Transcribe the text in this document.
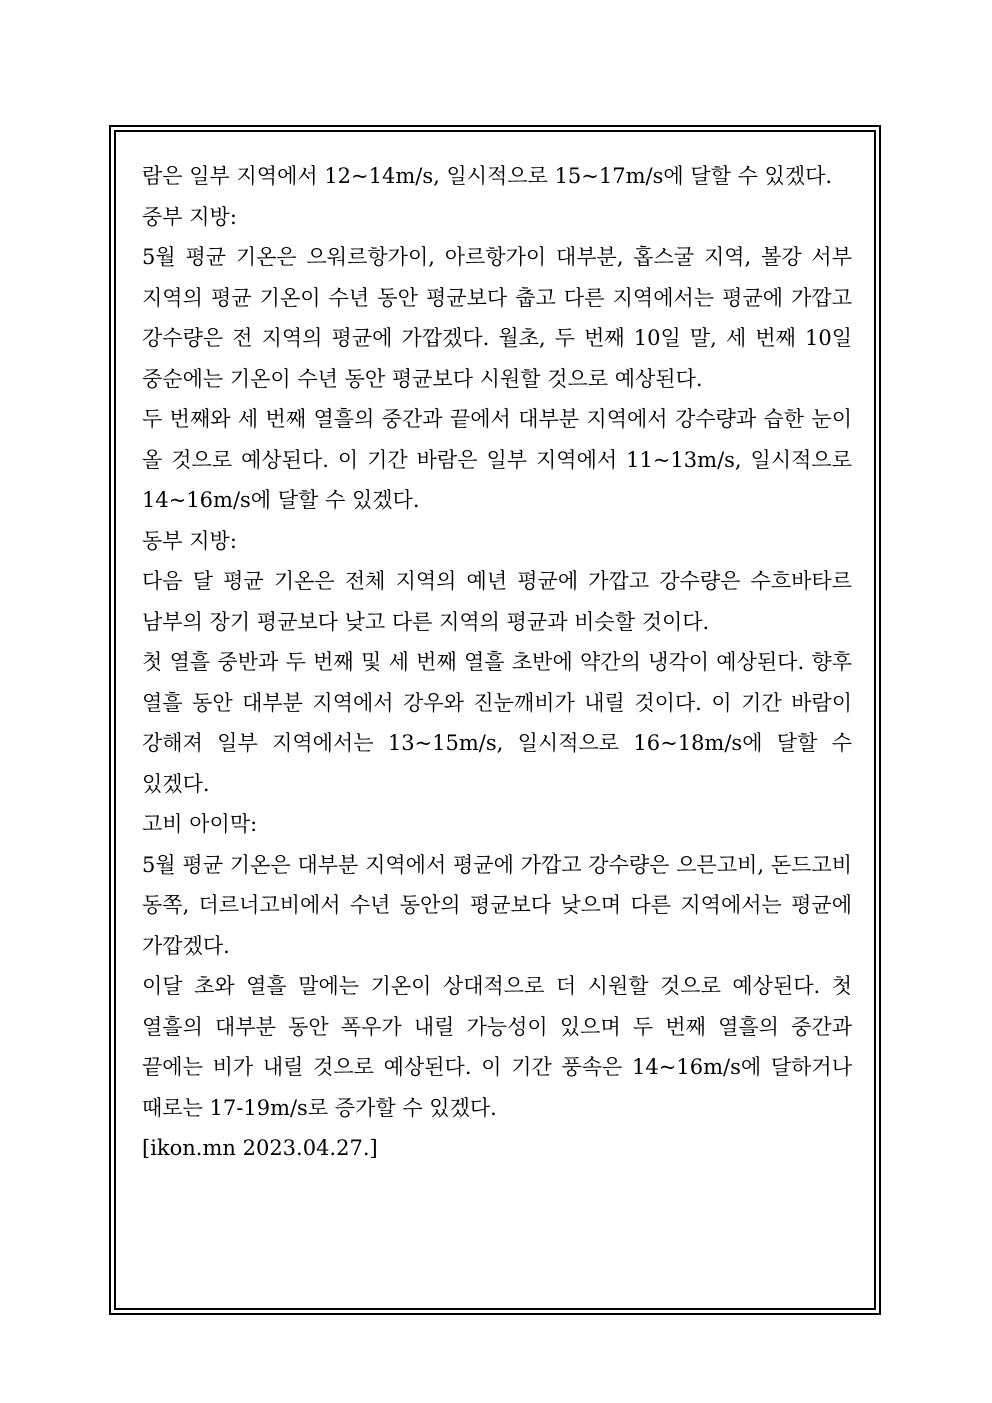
람은 일부 지역에서 12~14m/s, 일시적으로 15~17m/s에 달할 수 있겠다.

중부 지방:

5월 평균 기온은 으워르항가이, 아르항가이 대부분, 홉스굴 지역, 볼강 서부 지역의 평균 기온이 수년 동안 평균보다 춥고 다른 지역에서는 평균에 가깝고 강수량은 전 지역의 평균에 가깝겠다. 월초, 두 번째 10일 말, 세 번째 10일 중순에는 기온이 수년 동안 평균보다 시원할 것으로 예상된다.

두 번째와 세 번째 열흘의 중간과 끝에서 대부분 지역에서 강수량과 습한 눈이 올 것으로 예상된다. 이 기간 바람은 일부 지역에서 11~13m/s, 일시적으로 14~16m/s에 달할 수 있겠다.

동부 지방:

다음 달 평균 기온은 전체 지역의 예년 평균에 가깝고 강수량은 수흐바타르 남부의 장기 평균보다 낮고 다른 지역의 평균과 비슷할 것이다.

첫 열흘 중반과 두 번째 및 세 번째 열흘 초반에 약간의 냉각이 예상된다. 향후 열흘 동안 대부분 지역에서 강우와 진눈깨비가 내릴 것이다. 이 기간 바람이 강해져 일부 지역에서는 13~15m/s, 일시적으로 16~18m/s에 달할 수 있겠다.

고비 아이막:

5월 평균 기온은 대부분 지역에서 평균에 가깝고 강수량은 으믄고비, 돈드고비 동쪽, 더르너고비에서 수년 동안의 평균보다 낮으며 다른 지역에서는 평균에 가깝겠다.

이달 초와 열흘 말에는 기온이 상대적으로 더 시원할 것으로 예상된다. 첫 열흘의 대부분 동안 폭우가 내릴 가능성이 있으며 두 번째 열흘의 중간과 끝에는 비가 내릴 것으로 예상된다. 이 기간 풍속은 14~16m/s에 달하거나 때로는 17-19m/s로 증가할 수 있겠다.

[ikon.mn 2023.04.27.]
